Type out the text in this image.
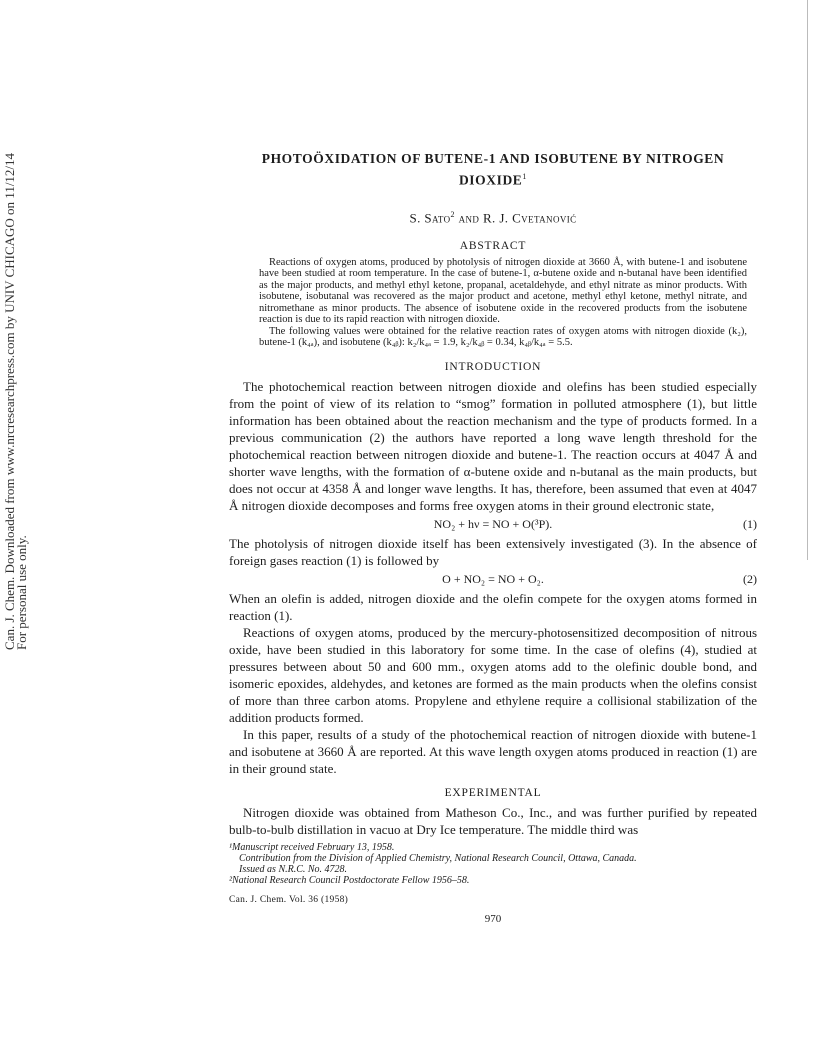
Can. J. Chem. Downloaded from www.nrcresearchpress.com by UNIV CHICAGO on 11/12/14
For personal use only.
PHOTOÖXIDATION OF BUTENE-1 AND ISOBUTENE BY NITROGEN DIOXIDE$^1$
S. Sato$^2$ and R. J. Cvetanović
ABSTRACT

Reactions of oxygen atoms, produced by photolysis of nitrogen dioxide at 3660 Å, with butene-1 and isobutene have been studied at room temperature. In the case of butene-1, α-butene oxide and n-butanal have been identified as the major products, and methyl ethyl ketone, propanal, acetaldehyde, and ethyl nitrate as minor products. With isobutene, isobutanal was recovered as the major product and acetone, methyl ethyl ketone, methyl nitrate, and nitromethane as minor products. The absence of isobutene oxide in the recovered products from the isobutene reaction is due to its rapid reaction with nitrogen dioxide.

The following values were obtained for the relative reaction rates of oxygen atoms with nitrogen dioxide (k₂), butene-1 (k₄ₐ), and isobutene (k₄ᵦ): k₂/k₄ₐ = 1.9, k₂/k₄ᵦ = 0.34, k₄ᵦ/k₄ₐ = 5.5.

INTRODUCTION

The photochemical reaction between nitrogen dioxide and olefins has been studied especially from the point of view of its relation to “smog” formation in polluted atmosphere (1), but little information has been obtained about the reaction mechanism and the type of products formed. In a previous communication (2) the authors have reported a long wave length threshold for the photochemical reaction between nitrogen dioxide and butene-1. The reaction occurs at 4047 Å and shorter wave lengths, with the formation of α-butene oxide and n-butanal as the main products, but does not occur at 4358 Å and longer wave lengths. It has, therefore, been assumed that even at 4047 Å nitrogen dioxide decomposes and forms free oxygen atoms in their ground electronic state,

NO₂ + hν = NO + O(³P).	(1)

The photolysis of nitrogen dioxide itself has been extensively investigated (3). In the absence of foreign gases reaction (1) is followed by

O + NO₂ = NO + O₂.	(2)

When an olefin is added, nitrogen dioxide and the olefin compete for the oxygen atoms formed in reaction (1).

Reactions of oxygen atoms, produced by the mercury-photosensitized decomposition of nitrous oxide, have been studied in this laboratory for some time. In the case of olefins (4), studied at pressures between about 50 and 600 mm., oxygen atoms add to the olefinic double bond, and isomeric epoxides, aldehydes, and ketones are formed as the main products when the olefins consist of more than three carbon atoms. Propylene and ethylene require a collisional stabilization of the addition products formed.

In this paper, results of a study of the photochemical reaction of nitrogen dioxide with butene-1 and isobutene at 3660 Å are reported. At this wave length oxygen atoms produced in reaction (1) are in their ground state.

EXPERIMENTAL

Nitrogen dioxide was obtained from Matheson Co., Inc., and was further purified by repeated bulb-to-bulb distillation in vacuo at Dry Ice temperature. The middle third was

¹Manuscript received February 13, 1958.
Contribution from the Division of Applied Chemistry, National Research Council, Ottawa, Canada.
Issued as N.R.C. No. 4728.
²National Research Council Postdoctorate Fellow 1956–58.
Can. J. Chem. Vol. 36 (1958)
970
